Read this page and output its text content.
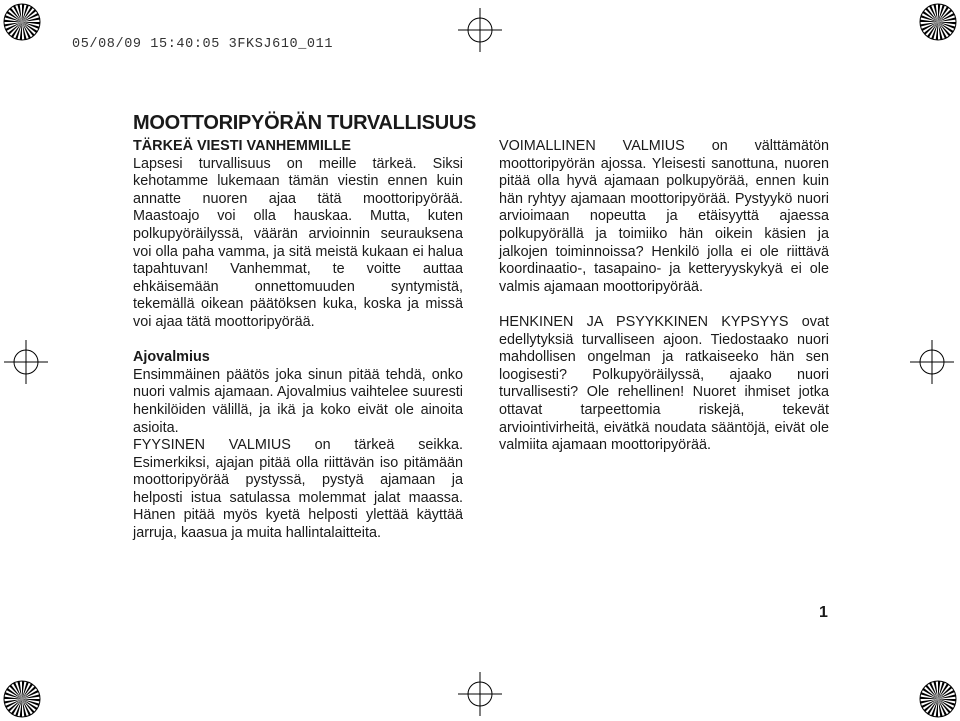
05/08/09 15:40:05 3FKSJ610_011
MOOTTORIPYÖRÄN TURVALLISUUS

TÄRKEÄ VIESTI VANHEMMILLE

Lapsesi turvallisuus on meille tärkeä. Siksi kehotamme lukemaan tämän viestin ennen kuin annatte nuoren ajaa tätä moottoripyörää. Maastoajo voi olla hauskaa. Mutta, kuten polkupyöräilyssä, väärän arvioinnin seurauksena voi olla paha vamma, ja sitä meistä kukaan ei halua tapahtuvan! Vanhemmat, te voitte auttaa ehkäisemään onnettomuuden syntymistä, tekemällä oikean päätöksen kuka, koska ja missä voi ajaa tätä moottoripyörää.

Ajovalmius

Ensimmäinen päätös joka sinun pitää tehdä, onko nuori valmis ajamaan. Ajovalmius vaihtelee suuresti henkilöiden välillä, ja ikä ja koko eivät ole ainoita asioita.

FYYSINEN VALMIUS on tärkeä seikka. Esimerkiksi, ajajan pitää olla riittävän iso pitämään moottoripyörää pystyssä, pystyä ajamaan ja helposti istua satulassa molemmat jalat maassa. Hänen pitää myös kyetä helposti ylettää käyttää jarruja, kaasua ja muita hallintalaitteita.

VOIMALLINEN VALMIUS on välttämätön moottoripyörän ajossa. Yleisesti sanottuna, nuoren pitää olla hyvä ajamaan polkupyörää, ennen kuin hän ryhtyy ajamaan moottoripyörää. Pystyykö nuori arvioimaan nopeutta ja etäisyyttä ajaessa polkupyörällä ja toimiiko hän oikein käsien ja jalkojen toiminnoissa? Henkilö jolla ei ole riittävä koordinaatio-, tasapaino- ja ketteryyskykyä ei ole valmis ajamaan moottoripyörää.

HENKINEN JA PSYYKKINEN KYPSYYS ovat edellytyksiä turvalliseen ajoon. Tiedostaako nuori mahdollisen ongelman ja ratkaiseeko hän sen loogisesti? Polkupyöräilyssä, ajaako nuori turvallisesti? Ole rehellinen! Nuoret ihmiset jotka ottavat tarpeettomia riskejä, tekevät arviointivirheitä, eivätkä noudata sääntöjä, eivät ole valmiita ajamaan moottoripyörää.

1
